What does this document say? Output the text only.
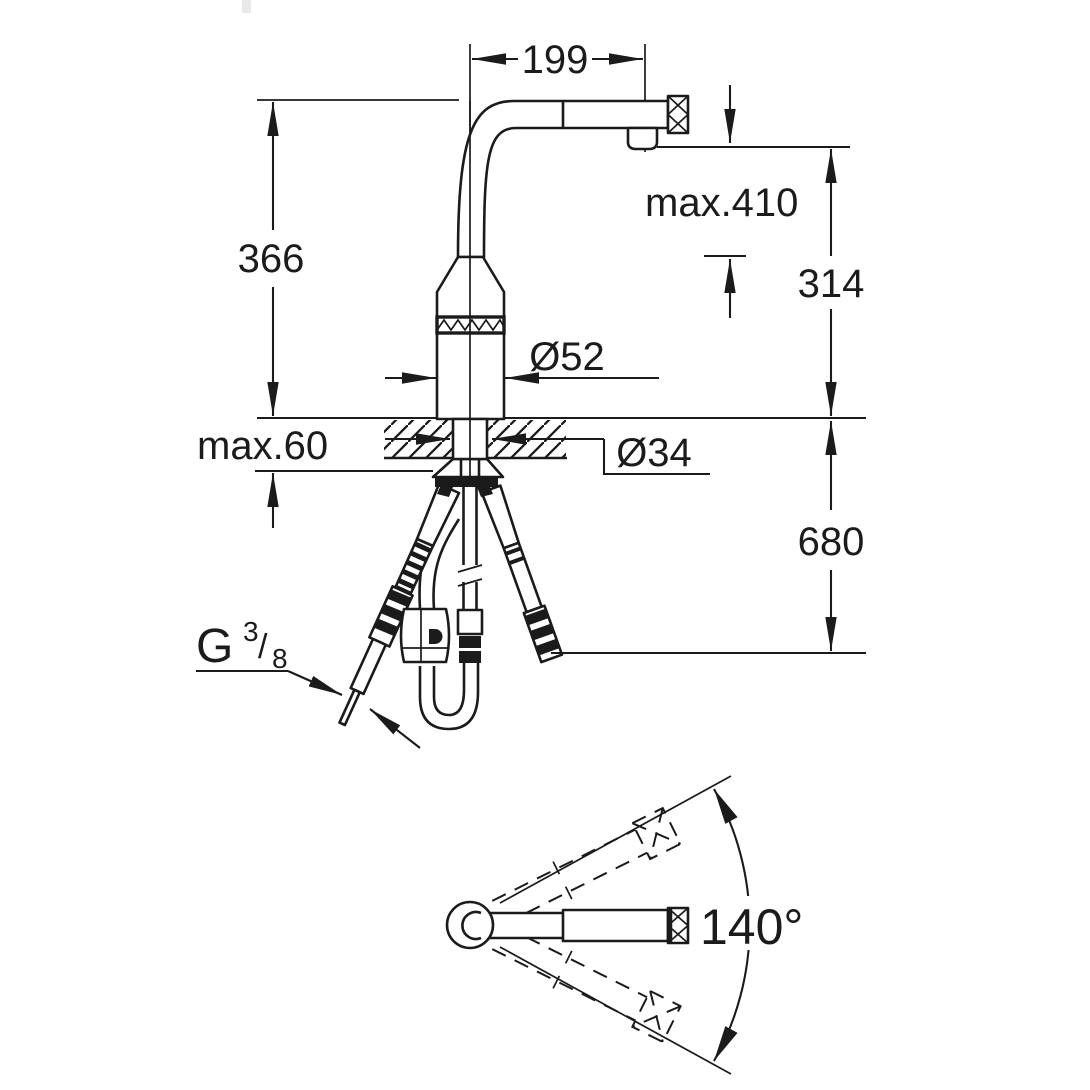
199
366
max.410
314
Ø52
max.60	Ø34
680
G 3 / 8
140°
